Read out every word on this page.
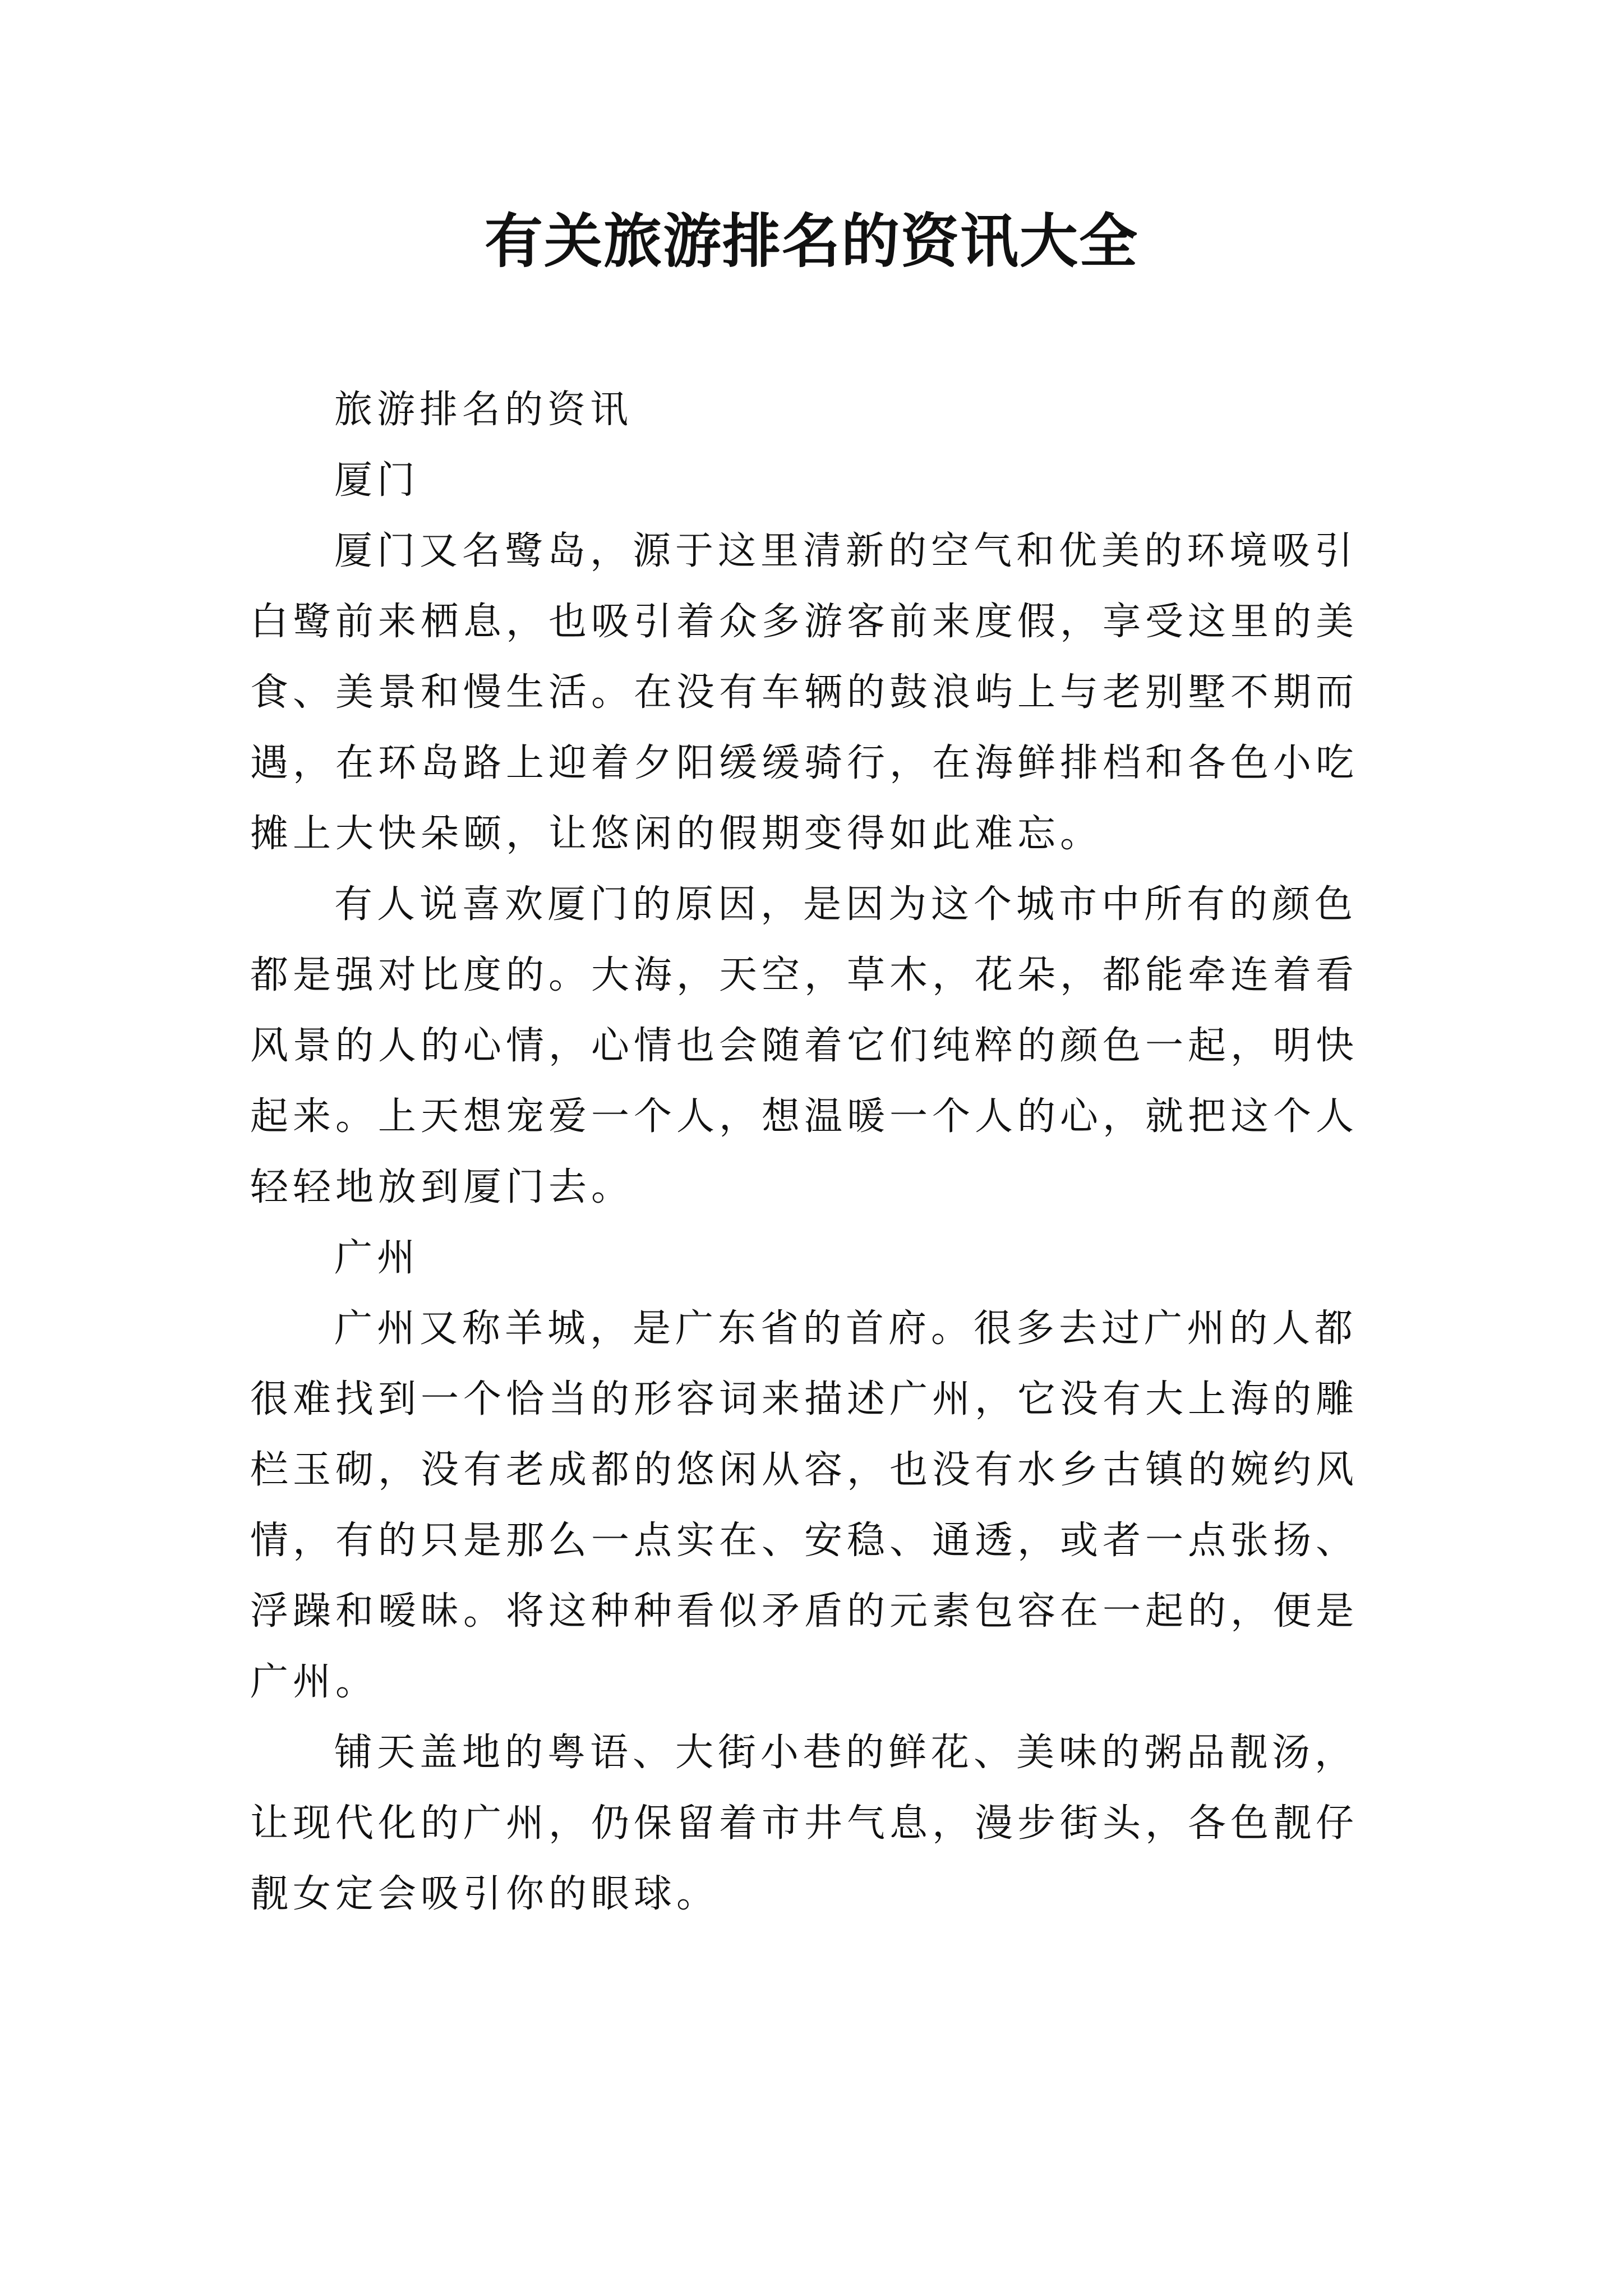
有关旅游排名的资讯大全

旅游排名的资讯

厦门

厦门又名鹭岛，源于这里清新的空气和优美的环境吸引白鹭前来栖息，也吸引着众多游客前来度假，享受这里的美食、美景和慢生活。在没有车辆的鼓浪屿上与老别墅不期而遇，在环岛路上迎着夕阳缓缓骑行，在海鲜排档和各色小吃摊上大快朵颐，让悠闲的假期变得如此难忘。

有人说喜欢厦门的原因，是因为这个城市中所有的颜色都是强对比度的。大海，天空，草木，花朵，都能牵连着看风景的人的心情，心情也会随着它们纯粹的颜色一起，明快起来。上天想宠爱一个人，想温暖一个人的心，就把这个人轻轻地放到厦门去。

广州

广州又称羊城，是广东省的首府。很多去过广州的人都很难找到一个恰当的形容词来描述广州，它没有大上海的雕栏玉砌，没有老成都的悠闲从容，也没有水乡古镇的婉约风情，有的只是那么一点实在、安稳、通透，或者一点张扬、浮躁和暧昧。将这种种看似矛盾的元素包容在一起的，便是广州。

铺天盖地的粤语、大街小巷的鲜花、美味的粥品靓汤，让现代化的广州，仍保留着市井气息，漫步街头，各色靓仔靓女定会吸引你的眼球。
